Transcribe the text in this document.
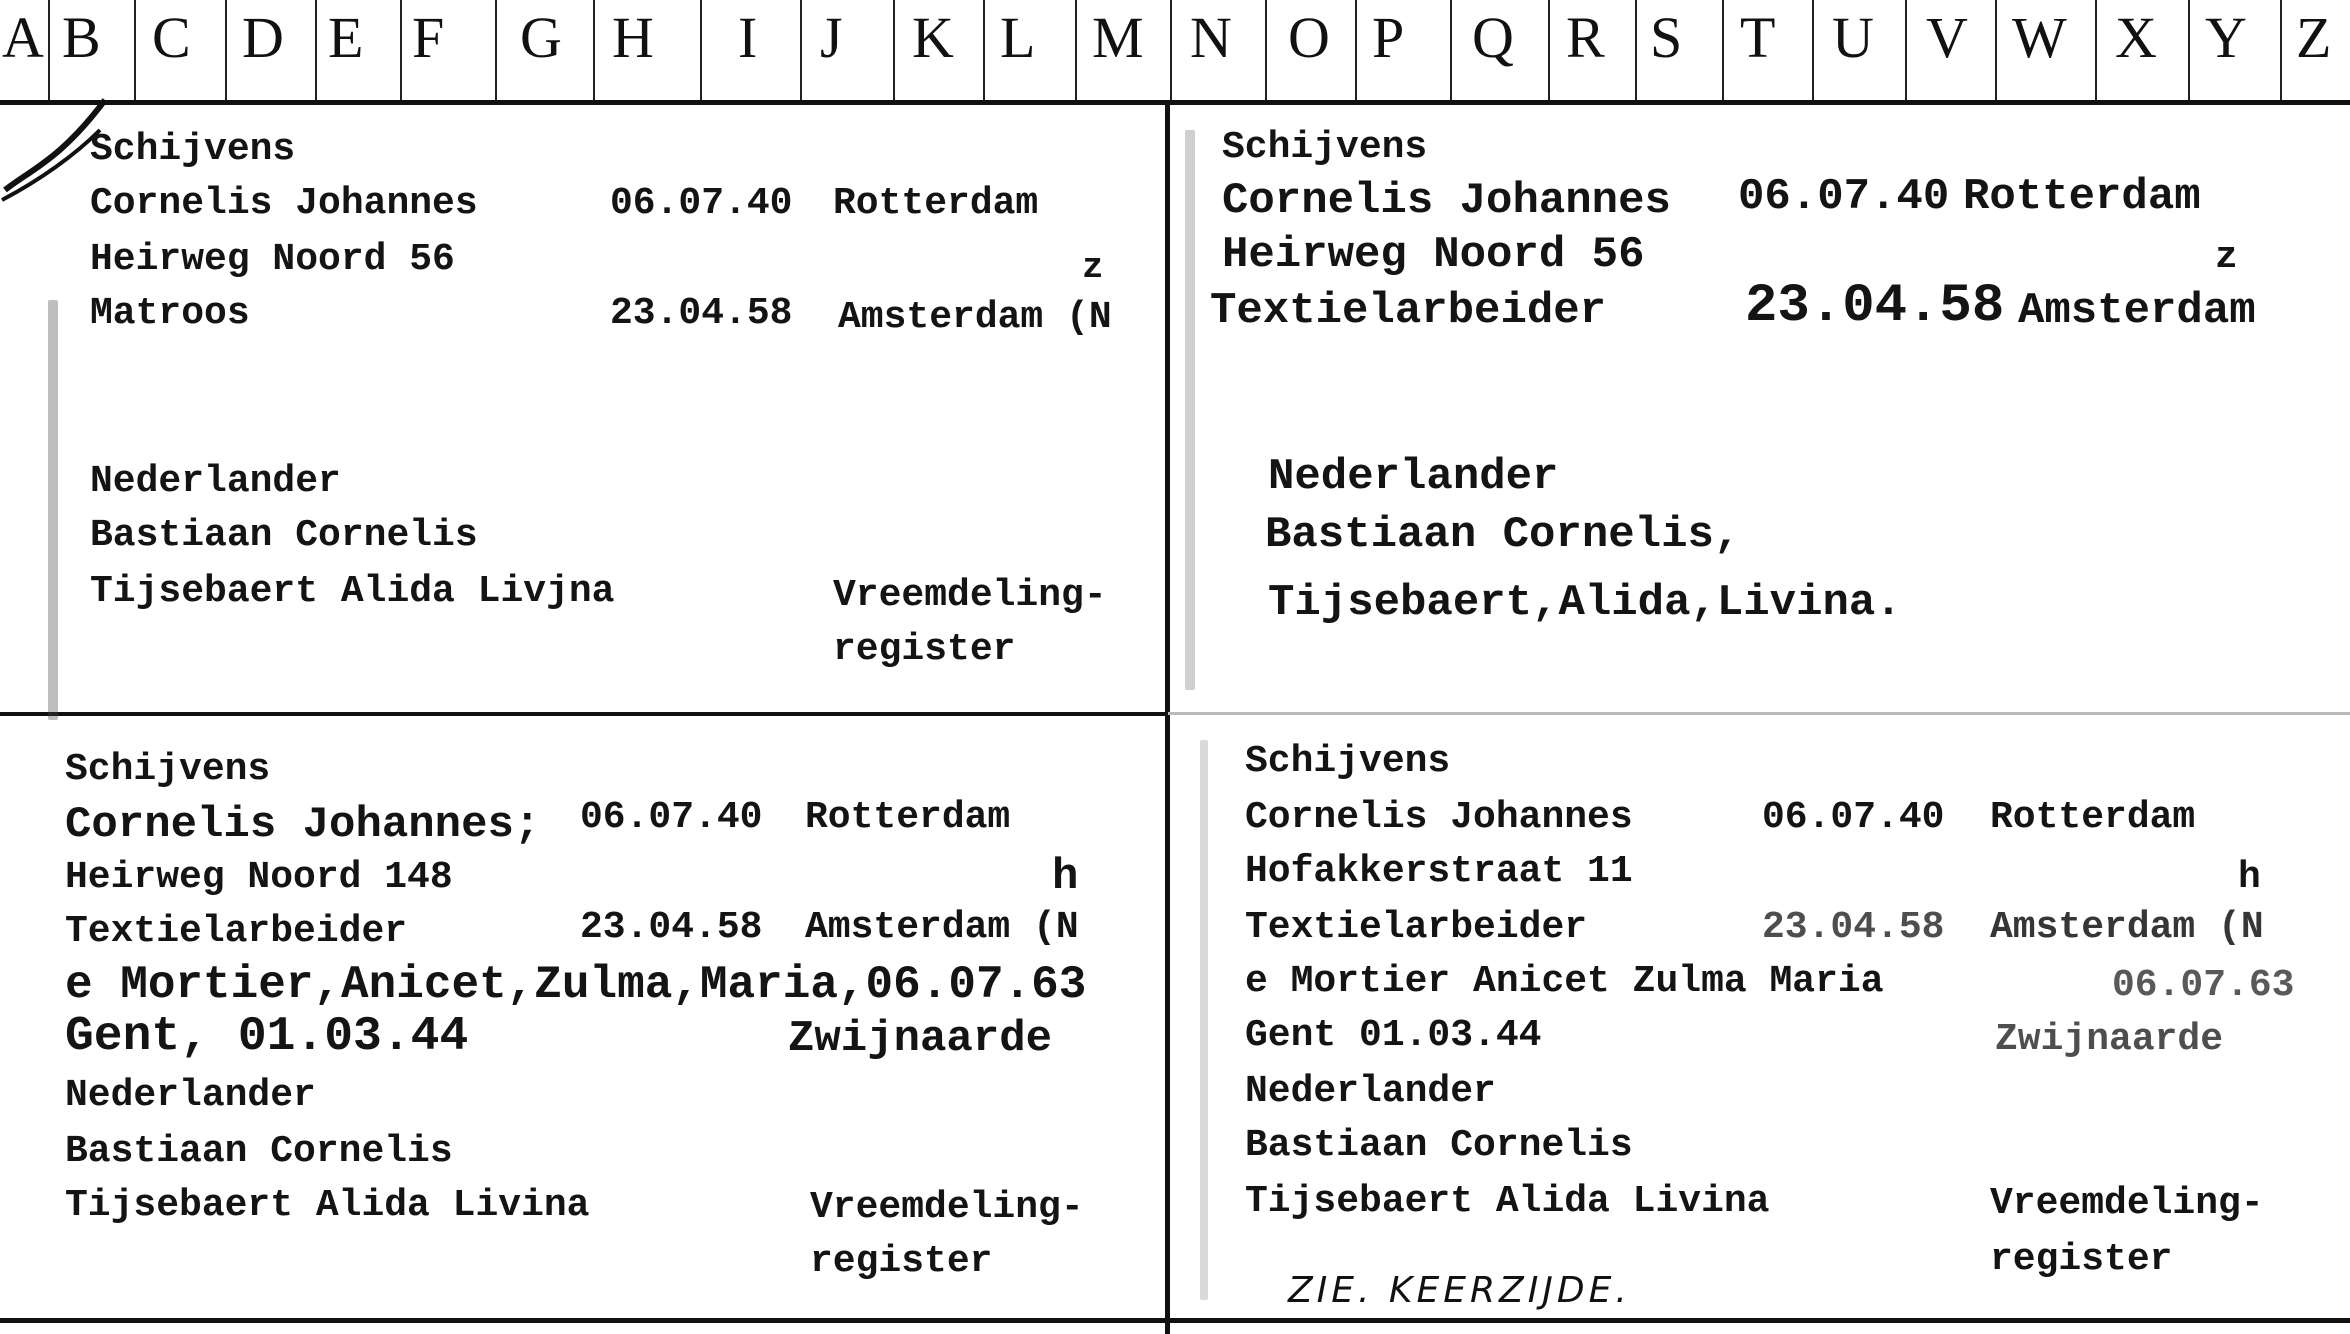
A B C D E F G H I J K L M N O P Q R S T U V W X Y Z
Schijvens
Cornelis Johannes	06.07.40 Rotterdam
Heirweg Noord 56	z
Matroos	23.04.58 Amsterdam (N
Nederlander
Bastiaan Cornelis
Tijsebaert Alida Livjna	Vreemdeling-
register
Schijvens
Cornelis Johannes 06.07.40 Rotterdam
Heirweg Noord 56	z
Textielarbeider	23.04.58 Amsterdam
Nederlander
Bastiaan Cornelis,
Tijsebaert,Alida,Livina.
Schijvens
Cornelis Johannes; 06.07.40 Rotterdam
Heirweg Noord 148	h
Textielarbeider	23.04.58 Amsterdam (N
e Mortier,Anicet,Zulma,Maria,06.07.63
Gent, 01.03.44	Zwijnaarde
Nederlander
Bastiaan Cornelis
Tijsebaert Alida Livina	Vreemdeling-
register
Schijvens
Cornelis Johannes	06.07.40 Rotterdam
Hofakkerstraat 11	h
Textielarbeider	23.04.58 Amsterdam (N
e Mortier Anicet Zulma Maria	06.07.63
Gent 01.03.44	Zwijnaarde
Nederlander
Bastiaan Cornelis
Tijsebaert Alida Livina	Vreemdeling-
register
ZIE. KEERZIJDE.
